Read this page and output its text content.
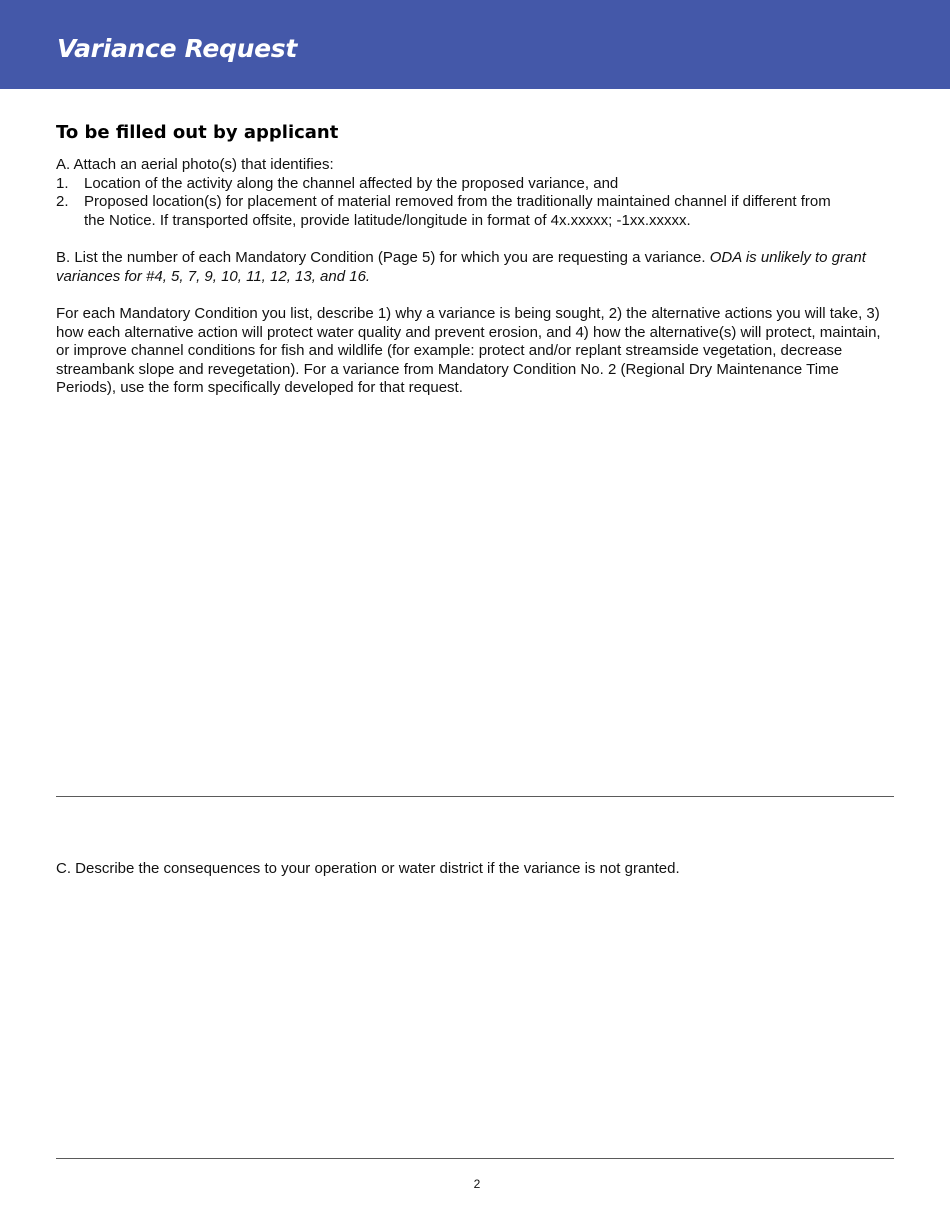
Variance Request
To be filled out by applicant

A. Attach an aerial photo(s) that identifies:

1. Location of the activity along the channel affected by the proposed variance, and

2. Proposed location(s) for placement of material removed from the traditionally maintained channel if different from

the Notice. If transported offsite, provide latitude/longitude in format of 4x.xxxxx; -1xx.xxxxx.

B. List the number of each Mandatory Condition (Page 5) for which you are requesting a variance. ODA is unlikely to grant variances for #4, 5, 7, 9, 10, 11, 12, 13, and 16.

For each Mandatory Condition you list, describe 1) why a variance is being sought, 2) the alternative actions you will take, 3) how each alternative action will protect water quality and prevent erosion, and 4) how the alternative(s) will protect, maintain, or improve channel conditions for fish and wildlife (for example: protect and/or replant streamside vegetation, decrease streambank slope and revegetation). For a variance from Mandatory Condition No. 2 (Regional Dry Maintenance Time Periods), use the form specifically developed for that request.

C. Describe the consequences to your operation or water district if the variance is not granted.

2
